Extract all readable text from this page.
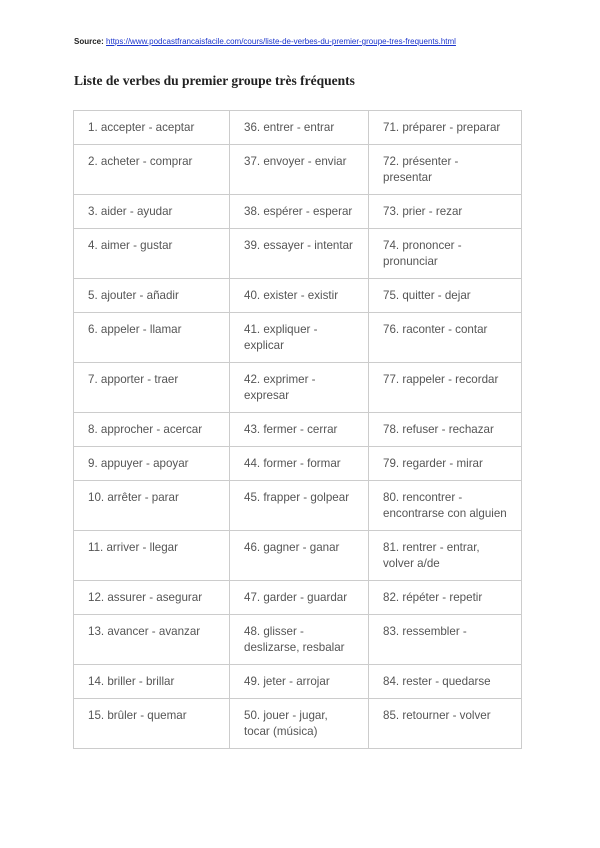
Source: https://www.podcastfrancaisfacile.com/cours/liste-de-verbes-du-premier-groupe-tres-frequents.html
Liste de verbes du premier groupe très fréquents
1. accepter - aceptar	36. entrer - entrar	71. préparer - preparar
2. acheter - comprar	37. envoyer - enviar	72. présenter - presentar
3. aider - ayudar	38. espérer - esperar	73. prier - rezar
4. aimer - gustar	39. essayer - intentar	74. prononcer - pronunciar
5. ajouter - añadir	40. exister - existir	75. quitter - dejar
6. appeler - llamar	41. expliquer - explicar	76. raconter - contar
7. apporter - traer	42. exprimer - expresar	77. rappeler - recordar
8. approcher - acercar	43. fermer - cerrar	78. refuser - rechazar
9. appuyer - apoyar	44. former - formar	79. regarder - mirar
10. arrêter - parar	45. frapper - golpear	80. rencontrer - encontrarse con alguien
11. arriver - llegar	46. gagner - ganar	81. rentrer - entrar, volver a/de
12. assurer - asegurar	47. garder - guardar	82. répéter - repetir
13. avancer - avanzar	48. glisser - deslizarse, resbalar	83. ressembler -
14. briller - brillar	49. jeter - arrojar	84. rester - quedarse
15. brûler - quemar	50. jouer - jugar, tocar (música)	85. retourner - volver
